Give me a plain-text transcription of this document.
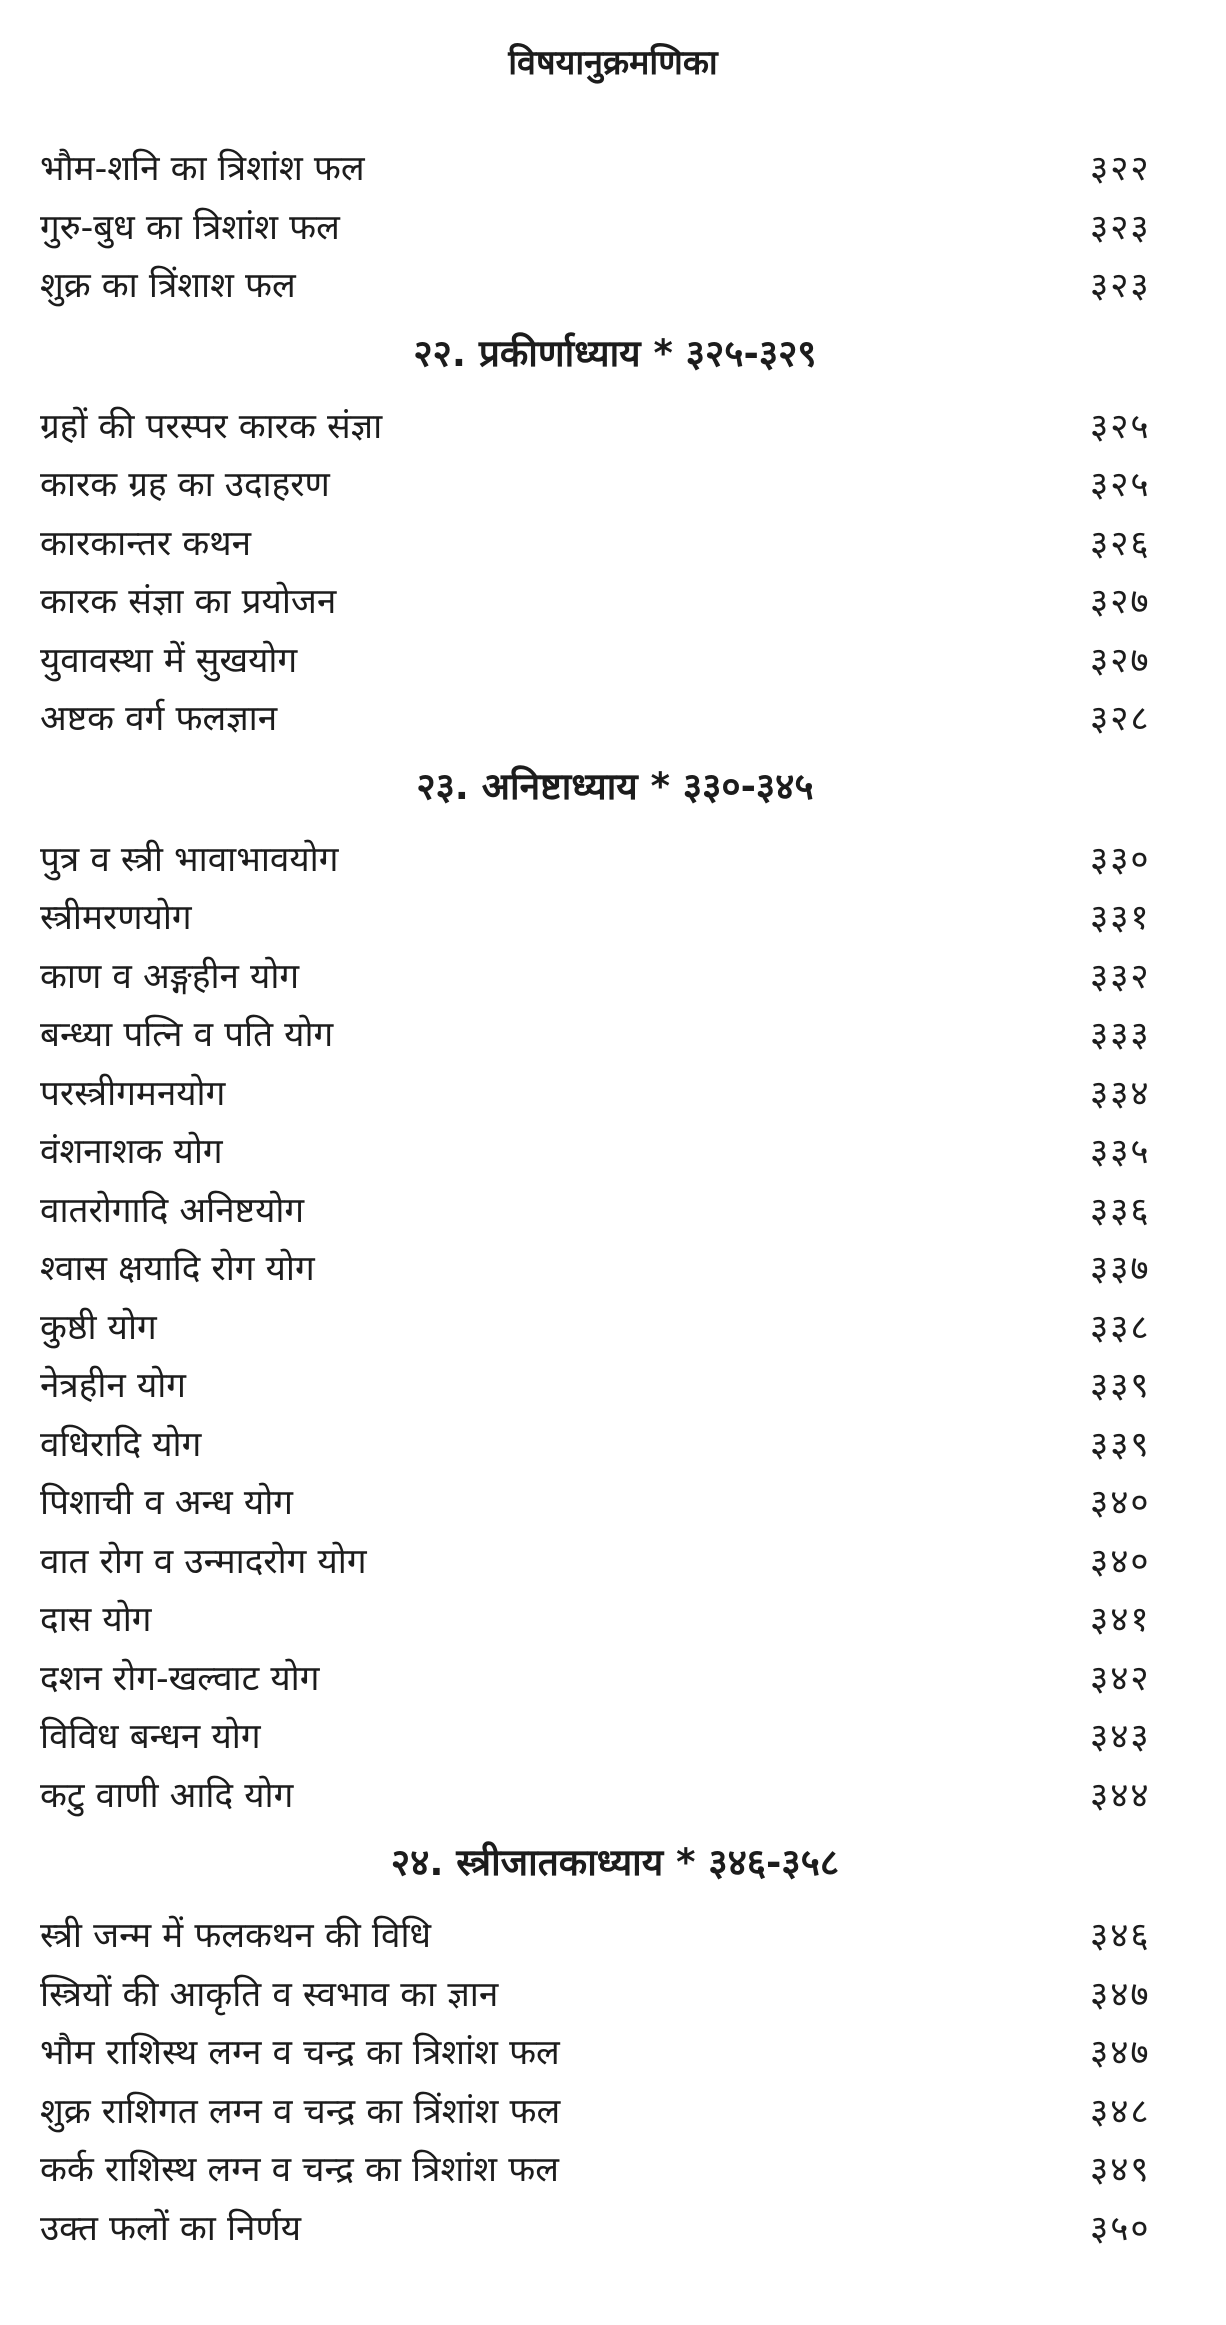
विषयानुक्रमणिका
भौम-शनि का त्रिशांश फल	३२२
गुरु-बुध का त्रिशांश फल	३२३
शुक्र का त्रिंशाश फल	३२३
२२. प्रकीर्णाध्याय * ३२५-३२९
ग्रहों की परस्पर कारक संज्ञा	३२५
कारक ग्रह का उदाहरण	३२५
कारकान्तर कथन	३२६
कारक संज्ञा का प्रयोजन	३२७
युवावस्था में सुखयोग	३२७
अष्टक वर्ग फलज्ञान	३२८
२३. अनिष्टाध्याय * ३३०-३४५
पुत्र व स्त्री भावाभावयोग	३३०
स्त्रीमरणयोग	३३१
काण व अङ्गहीन योग	३३२
बन्ध्या पत्नि व पति योग	३३३
परस्त्रीगमनयोग	३३४
वंशनाशक योग	३३५
वातरोगादि अनिष्टयोग	३३६
श्वास क्षयादि रोग योग	३३७
कुष्ठी योग	३३८
नेत्रहीन योग	३३९
वधिरादि योग	३३९
पिशाची व अन्ध योग	३४०
वात रोग व उन्मादरोग योग	३४०
दास योग	३४१
दशन रोग-खल्वाट योग	३४२
विविध बन्धन योग	३४३
कटु वाणी आदि योग	३४४
२४. स्त्रीजातकाध्याय * ३४६-३५८
स्त्री जन्म में फलकथन की विधि	३४६
स्त्रियों की आकृति व स्वभाव का ज्ञान	३४७
भौम राशिस्थ लग्न व चन्द्र का त्रिशांश फल	३४७
शुक्र राशिगत लग्न व चन्द्र का त्रिंशांश फल	३४८
कर्क राशिस्थ लग्न व चन्द्र का त्रिशांश फल	३४९
उक्त फलों का निर्णय	३५०
